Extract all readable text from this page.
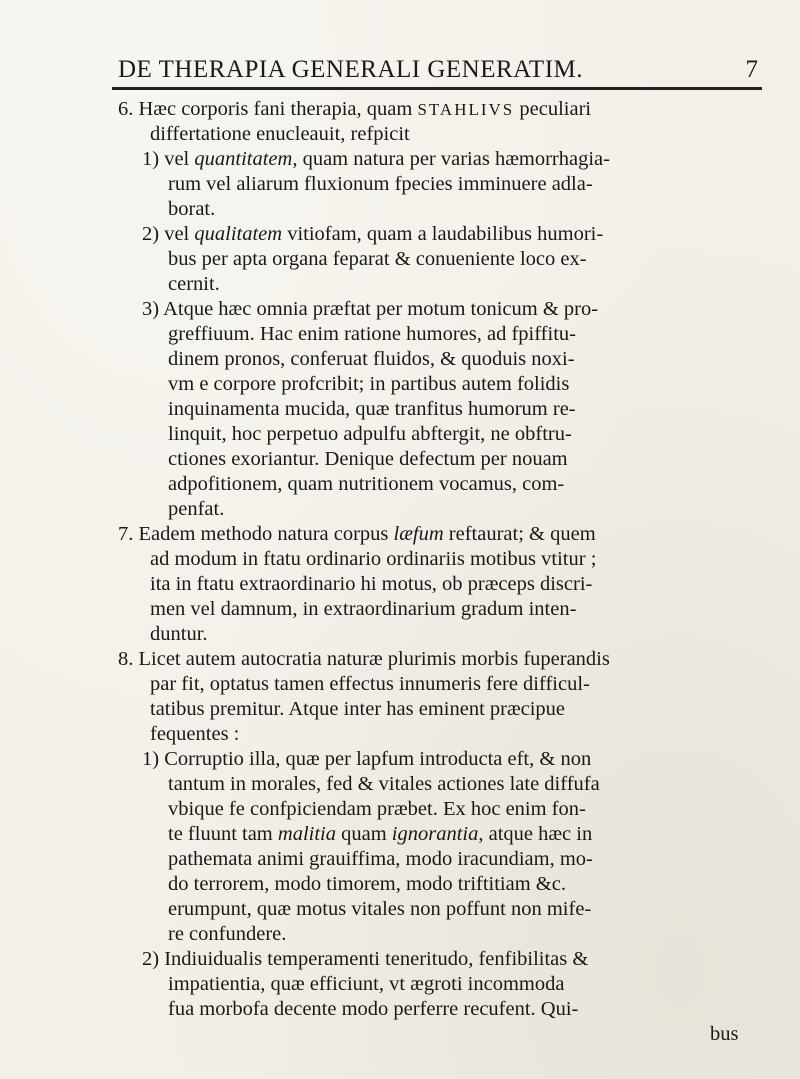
DE THERAPIA GENERALI GENERATIM.	7
6. Hæc corporis fani therapia, quam STAHLIVS peculiari
differtatione enucleauit, refpicit
1) vel quantitatem, quam natura per varias hæmorrhagia-
rum vel aliarum fluxionum fpecies imminuere adla-
borat.
2) vel qualitatem vitiofam, quam a laudabilibus humori-
bus per apta organa feparat & conueniente loco ex-
cernit.
3) Atque hæc omnia præftat per motum tonicum & pro-
greffiuum. Hac enim ratione humores, ad fpiffitu-
dinem pronos, conferuat fluidos, & quoduis noxi-
vm e corpore profcribit; in partibus autem folidis
inquinamenta mucida, quæ tranfitus humorum re-
linquit, hoc perpetuo adpulfu abftergit, ne obftru-
ctiones exoriantur. Denique defectum per nouam
adpofitionem, quam nutritionem vocamus, com-
penfat.
7. Eadem methodo natura corpus læfum reftaurat; & quem
ad modum in ftatu ordinario ordinariis motibus vtitur ;
ita in ftatu extraordinario hi motus, ob præceps discri-
men vel damnum, in extraordinarium gradum inten-
duntur.
8. Licet autem autocratia naturæ plurimis morbis fuperandis
par fit, optatus tamen effectus innumeris fere difficul-
tatibus premitur. Atque inter has eminent præcipue
fequentes :
1) Corruptio illa, quæ per lapfum introducta eft, & non
tantum in morales, fed & vitales actiones late diffufa
vbique fe confpiciendam præbet. Ex hoc enim fon-
te fluunt tam malitia quam ignorantia, atque hæc in
pathemata animi grauiffima, modo iracundiam, mo-
do terrorem, modo timorem, modo triftitiam &c.
erumpunt, quæ motus vitales non poffunt non mife-
re confundere.
2) Indiuidualis temperamenti teneritudo, fenfibilitas &
impatientia, quæ efficiunt, vt ægroti incommoda
fua morbofa decente modo perferre recufent. Qui-
bus
